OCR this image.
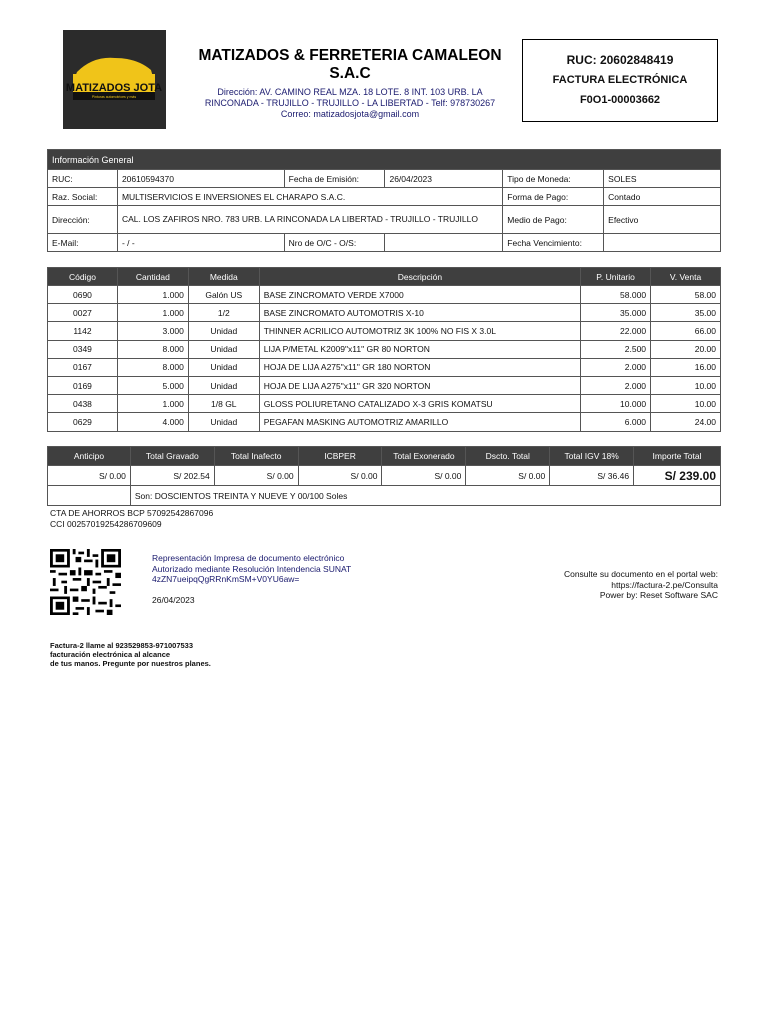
MATIZADOS JOTA
Pinturas automotrices y más
MATIZADOS & FERRETERIA CAMALEON
S.A.C
Dirección: AV. CAMINO REAL MZA. 18 LOTE. 8 INT. 103 URB. LA RINCONADA - TRUJILLO - TRUJILLO - LA LIBERTAD - Telf: 978730267
Correo: matizadosjota@gmail.com
RUC: 20602848419
FACTURA ELECTRÓNICA
F0O1-00003662
Información General					
RUC:	20610594370	Fecha de Emisión:	26/04/2023	Tipo de Moneda:	SOLES
Raz. Social:	MULTISERVICIOS E INVERSIONES EL CHARAPO S.A.C.			Forma de Pago:	Contado
Dirección:	CAL. LOS ZAFIROS NRO. 783 URB. LA RINCONADA LA LIBERTAD - TRUJILLO - TRUJILLO			Medio de Pago:	Efectivo
E-Mail:	- / -	Nro de O/C - O/S:		Fecha Vencimiento:	
Código	Cantidad	Medida	Descripción	P. Unitario	V. Venta
0690	1.000	Galón US	BASE ZINCROMATO VERDE X7000	58.000	58.00
0027	1.000	1/2	BASE ZINCROMATO AUTOMOTRIS X-10	35.000	35.00
1142	3.000	Unidad	THINNER ACRILICO AUTOMOTRIZ 3K 100% NO FIS X 3.0L	22.000	66.00
0349	8.000	Unidad	LIJA P/METAL K2009"x11" GR 80 NORTON	2.500	20.00
0167	8.000	Unidad	HOJA DE LIJA A275"x11" GR 180 NORTON	2.000	16.00
0169	5.000	Unidad	HOJA DE LIJA A275"x11" GR 320 NORTON	2.000	10.00
0438	1.000	1/8 GL	GLOSS POLIURETANO CATALIZADO X-3 GRIS KOMATSU	10.000	10.00
0629	4.000	Unidad	PEGAFAN MASKING AUTOMOTRIZ AMARILLO	6.000	24.00
Anticipo	Total Gravado	Total Inafecto	ICBPER	Total Exonerado	Dscto. Total	Total IGV 18%	Importe Total
S/ 0.00	S/ 202.54	S/ 0.00	S/ 0.00	S/ 0.00	S/ 0.00	S/ 36.46	S/ 239.00
	Son: DOSCIENTOS TREINTA Y NUEVE Y 00/100 Soles						
CTA DE AHORROS BCP 57092542867096
CCI 00257019254286709609
Representación Impresa de documento electrónico
Autorizado mediante Resolución Intendencia SUNAT
4zZN7ueipqQgRRnKmSM+V0YU6aw=
26/04/2023
Consulte su documento en el portal web:
https://factura-2.pe/Consulta
Power by: Reset Software SAC
Factura-2 llame al 923529853-971007533
facturación electrónica al alcance
de tus manos. Pregunte por nuestros planes.
